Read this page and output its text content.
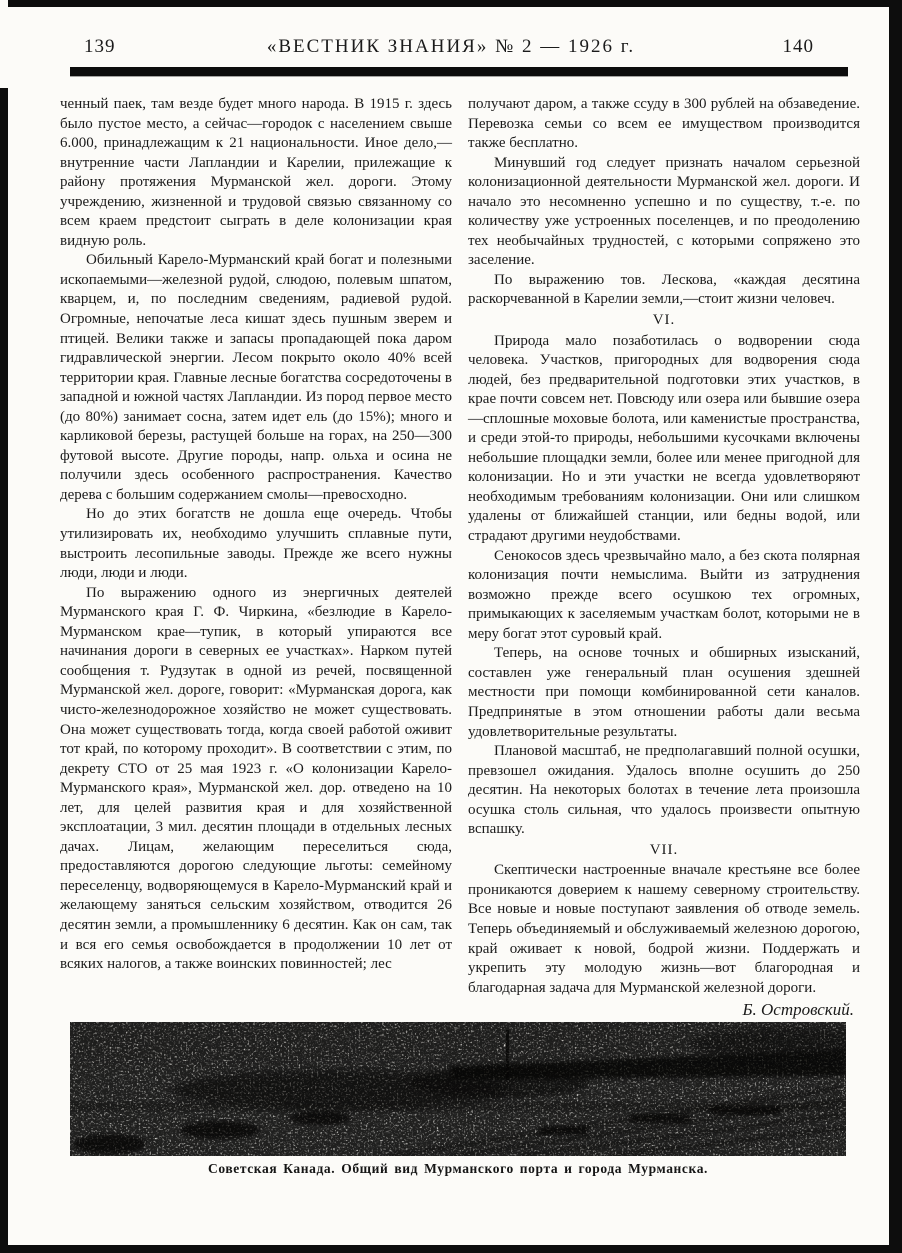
139	«ВЕСТНИК ЗНАНИЯ» № 2 — 1926 г.	140

ченный паек, там везде будет много народа. В 1915 г. здесь было пустое место, а сейчас—городок с населением свыше 6.000, принадлежащим к 21 национальности. Иное дело,—внутренние части Лапландии и Карелии, прилежащие к району протяжения Мурманской жел. дороги. Этому учреждению, жизненной и трудовой связью связанному со всем краем предстоит сыграть в деле колонизации края видную роль.

Обильный Карело-Мурманский край богат и полезными ископаемыми—железной рудой, слюдою, полевым шпатом, кварцем, и, по последним сведениям, радиевой рудой. Огромные, непочатые леса кишат здесь пушным зверем и птицей. Велики также и запасы пропадающей пока даром гидравлической энергии. Лесом покрыто около 40% всей территории края. Главные лесные богатства сосредоточены в западной и южной частях Лапландии. Из пород первое место (до 80%) занимает сосна, затем идет ель (до 15%); много и карликовой березы, растущей больше на горах, на 250—300 футовой высоте. Другие породы, напр. ольха и осина не получили здесь особенного распространения. Качество дерева с большим содержанием смолы—превосходно.

Но до этих богатств не дошла еще очередь. Чтобы утилизировать их, необходимо улучшить сплавные пути, выстроить лесопильные заводы. Прежде же всего нужны люди, люди и люди.

По выражению одного из энергичных деятелей Мурманского края Г. Ф. Чиркина, «безлюдие в Карело-Мурманском крае—тупик, в который упираются все начинания дороги в северных ее участках». Нарком путей сообщения т. Рудзутак в одной из речей, посвященной Мурманской жел. дороге, говорит: «Мурманская дорога, как чисто-железнодорожное хозяйство не может существовать. Она может существовать тогда, когда своей работой оживит тот край, по которому проходит». В соответствии с этим, по декрету СТО от 25 мая 1923 г. «О колонизации Карело-Мурманского края», Мурманской жел. дор. отведено на 10 лет, для целей развития края и для хозяйственной эксплоатации, 3 мил. десятин площади в отдельных лесных дачах. Лицам, желающим переселиться сюда, предоставляются дорогою следующие льготы: семейному переселенцу, водворяющемуся в Карело-Мурманский край и желающему заняться сельским хозяйством, отводится 26 десятин земли, а промышленнику 6 десятин. Как он сам, так и вся его семья освобождается в продолжении 10 лет от всяких налогов, а также воинских повинностей; лес

получают даром, а также ссуду в 300 рублей на обзаведение. Перевозка семьи со всем ее имуществом производится также бесплатно.

Минувший год следует признать началом серьезной колонизационной деятельности Мурманской жел. дороги. И начало это несомненно успешно и по существу, т.-е. по количеству уже устроенных поселенцев, и по преодолению тех необычайных трудностей, с которыми сопряжено это заселение.

По выражению тов. Лескова, «каждая десятина раскорчеванной в Карелии земли,—стоит жизни человеч.

VI.

Природа мало позаботилась о водворении сюда человека. Участков, пригородных для водворения сюда людей, без предварительной подготовки этих участков, в крае почти совсем нет. Повсюду или озера или бывшие озера—сплошные моховые болота, или каменистые пространства, и среди этой-то природы, небольшими кусочками включены небольшие площадки земли, более или менее пригодной для колонизации. Но и эти участки не всегда удовлетворяют необходимым требованиям колонизации. Они или слишком удалены от ближайшей станции, или бедны водой, или страдают другими неудобствами.

Сенокосов здесь чрезвычайно мало, а без скота полярная колонизация почти немыслима. Выйти из затруднения возможно прежде всего осушкою тех огромных, примыкающих к заселяемым участкам болот, которыми не в меру богат этот суровый край.

Теперь, на основе точных и обширных изысканий, составлен уже генеральный план осушения здешней местности при помощи комбинированной сети каналов. Предпринятые в этом отношении работы дали весьма удовлетворительные результаты.

Плановой масштаб, не предполагавший полной осушки, превзошел ожидания. Удалось вполне осушить до 250 десятин. На некоторых болотах в течение лета произошла осушка столь сильная, что удалось произвести опытную вспашку.

VII.

Скептически настроенные вначале крестьяне все более проникаются доверием к нашему северному строительству. Все новые и новые поступают заявления об отводе земель. Теперь объединяемый и обслуживаемый железною дорогою, край оживает к новой, бодрой жизни. Поддержать и укрепить эту молодую жизнь—вот благородная и благодарная задача для Мурманской железной дороги.

Б. Островский.

Советская Канада. Общий вид Мурманского порта и города Мурманска.
